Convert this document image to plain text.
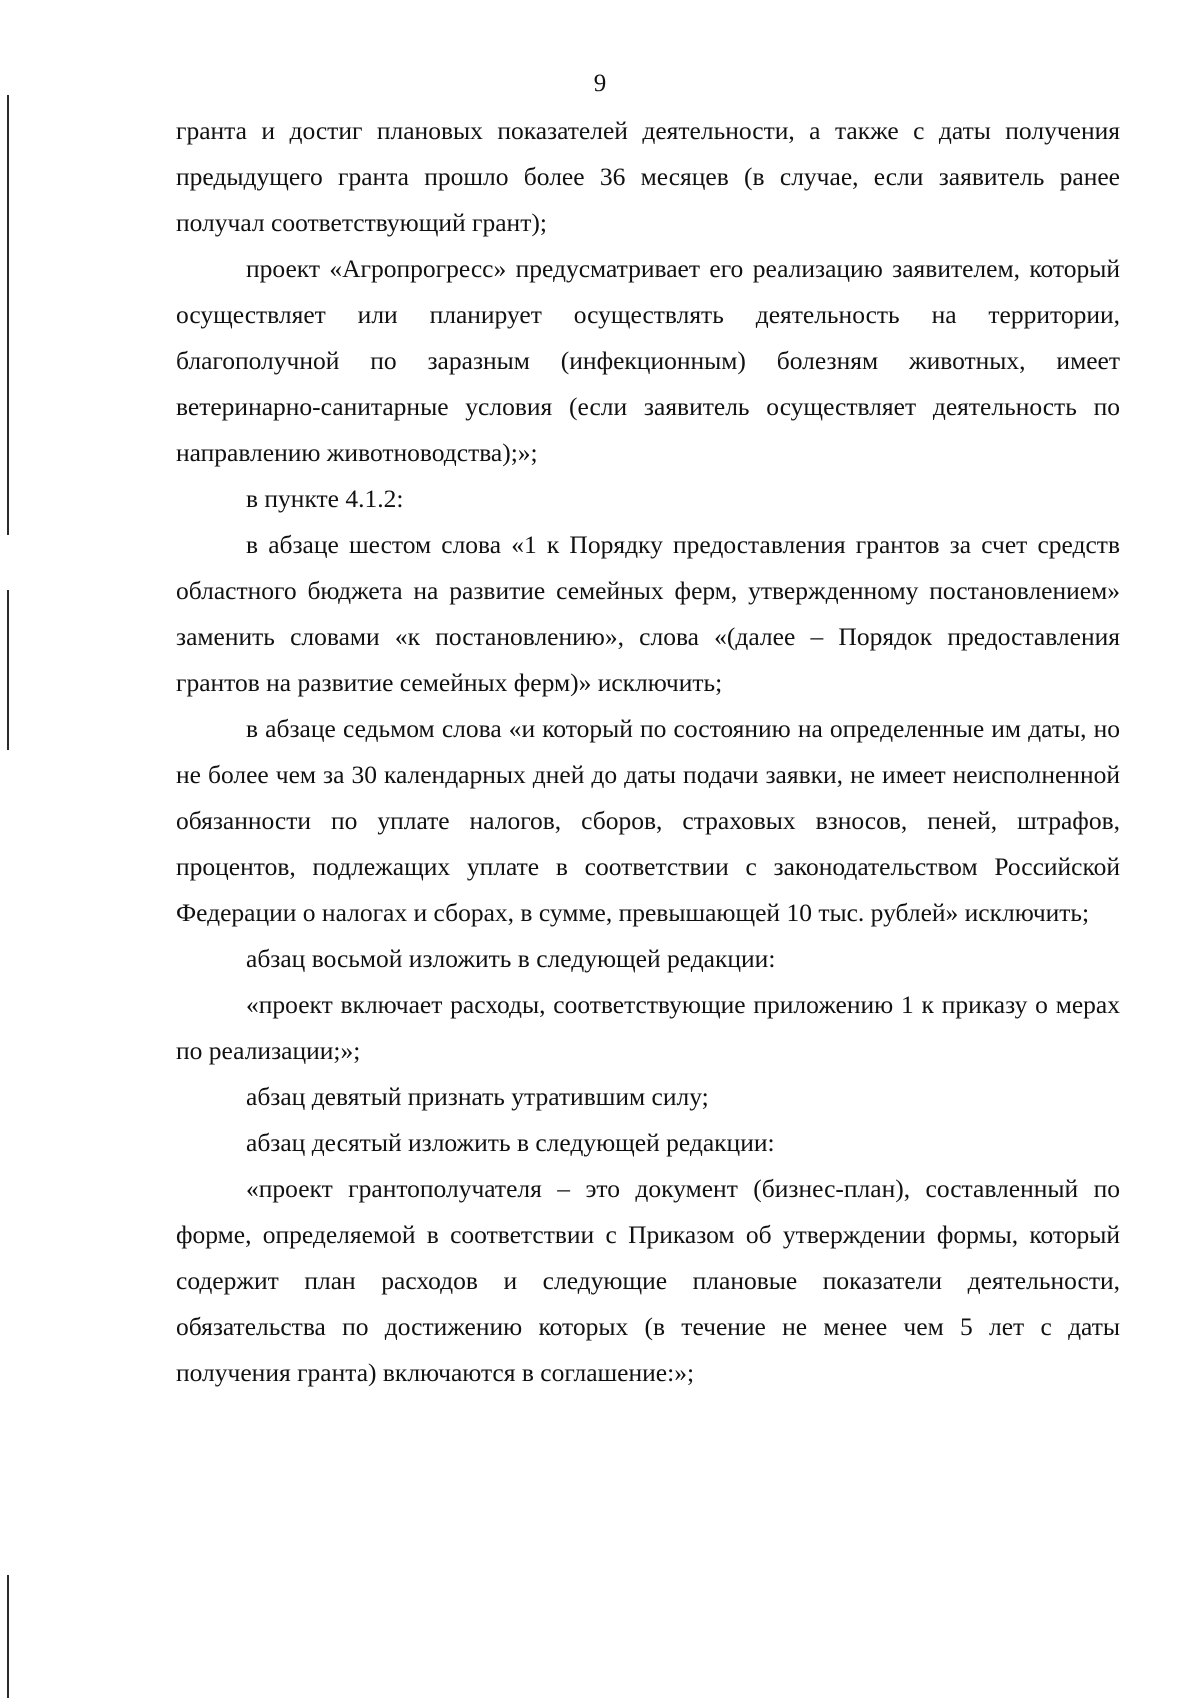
9

гранта и достиг плановых показателей деятельности, а также с даты получения предыдущего гранта прошло более 36 месяцев (в случае, если заявитель ранее получал соответствующий грант);

проект «Агропрогресс» предусматривает его реализацию заявителем, который осуществляет или планирует осуществлять деятельность на территории, благополучной по заразным (инфекционным) болезням животных, имеет ветеринарно-санитарные условия (если заявитель осуществляет деятельность по направлению животноводства);»;

в пункте 4.1.2:

в абзаце шестом слова «1 к Порядку предоставления грантов за счет средств областного бюджета на развитие семейных ферм, утвержденному постановлением» заменить словами «к постановлению», слова «(далее – Порядок предоставления грантов на развитие семейных ферм)» исключить;

в абзаце седьмом слова «и который по состоянию на определенные им даты, но не более чем за 30 календарных дней до даты подачи заявки, не имеет неисполненной обязанности по уплате налогов, сборов, страховых взносов, пеней, штрафов, процентов, подлежащих уплате в соответствии с законодательством Российской Федерации о налогах и сборах, в сумме, превышающей 10 тыс. рублей» исключить;

абзац восьмой изложить в следующей редакции:

«проект включает расходы, соответствующие приложению 1 к приказу о мерах по реализации;»;

абзац девятый признать утратившим силу;

абзац десятый изложить в следующей редакции:

«проект грантополучателя – это документ (бизнес-план), составленный по форме, определяемой в соответствии с Приказом об утверждении формы, который содержит план расходов и следующие плановые показатели деятельности, обязательства по достижению которых (в течение не менее чем 5 лет с даты получения гранта) включаются в соглашение:»;
